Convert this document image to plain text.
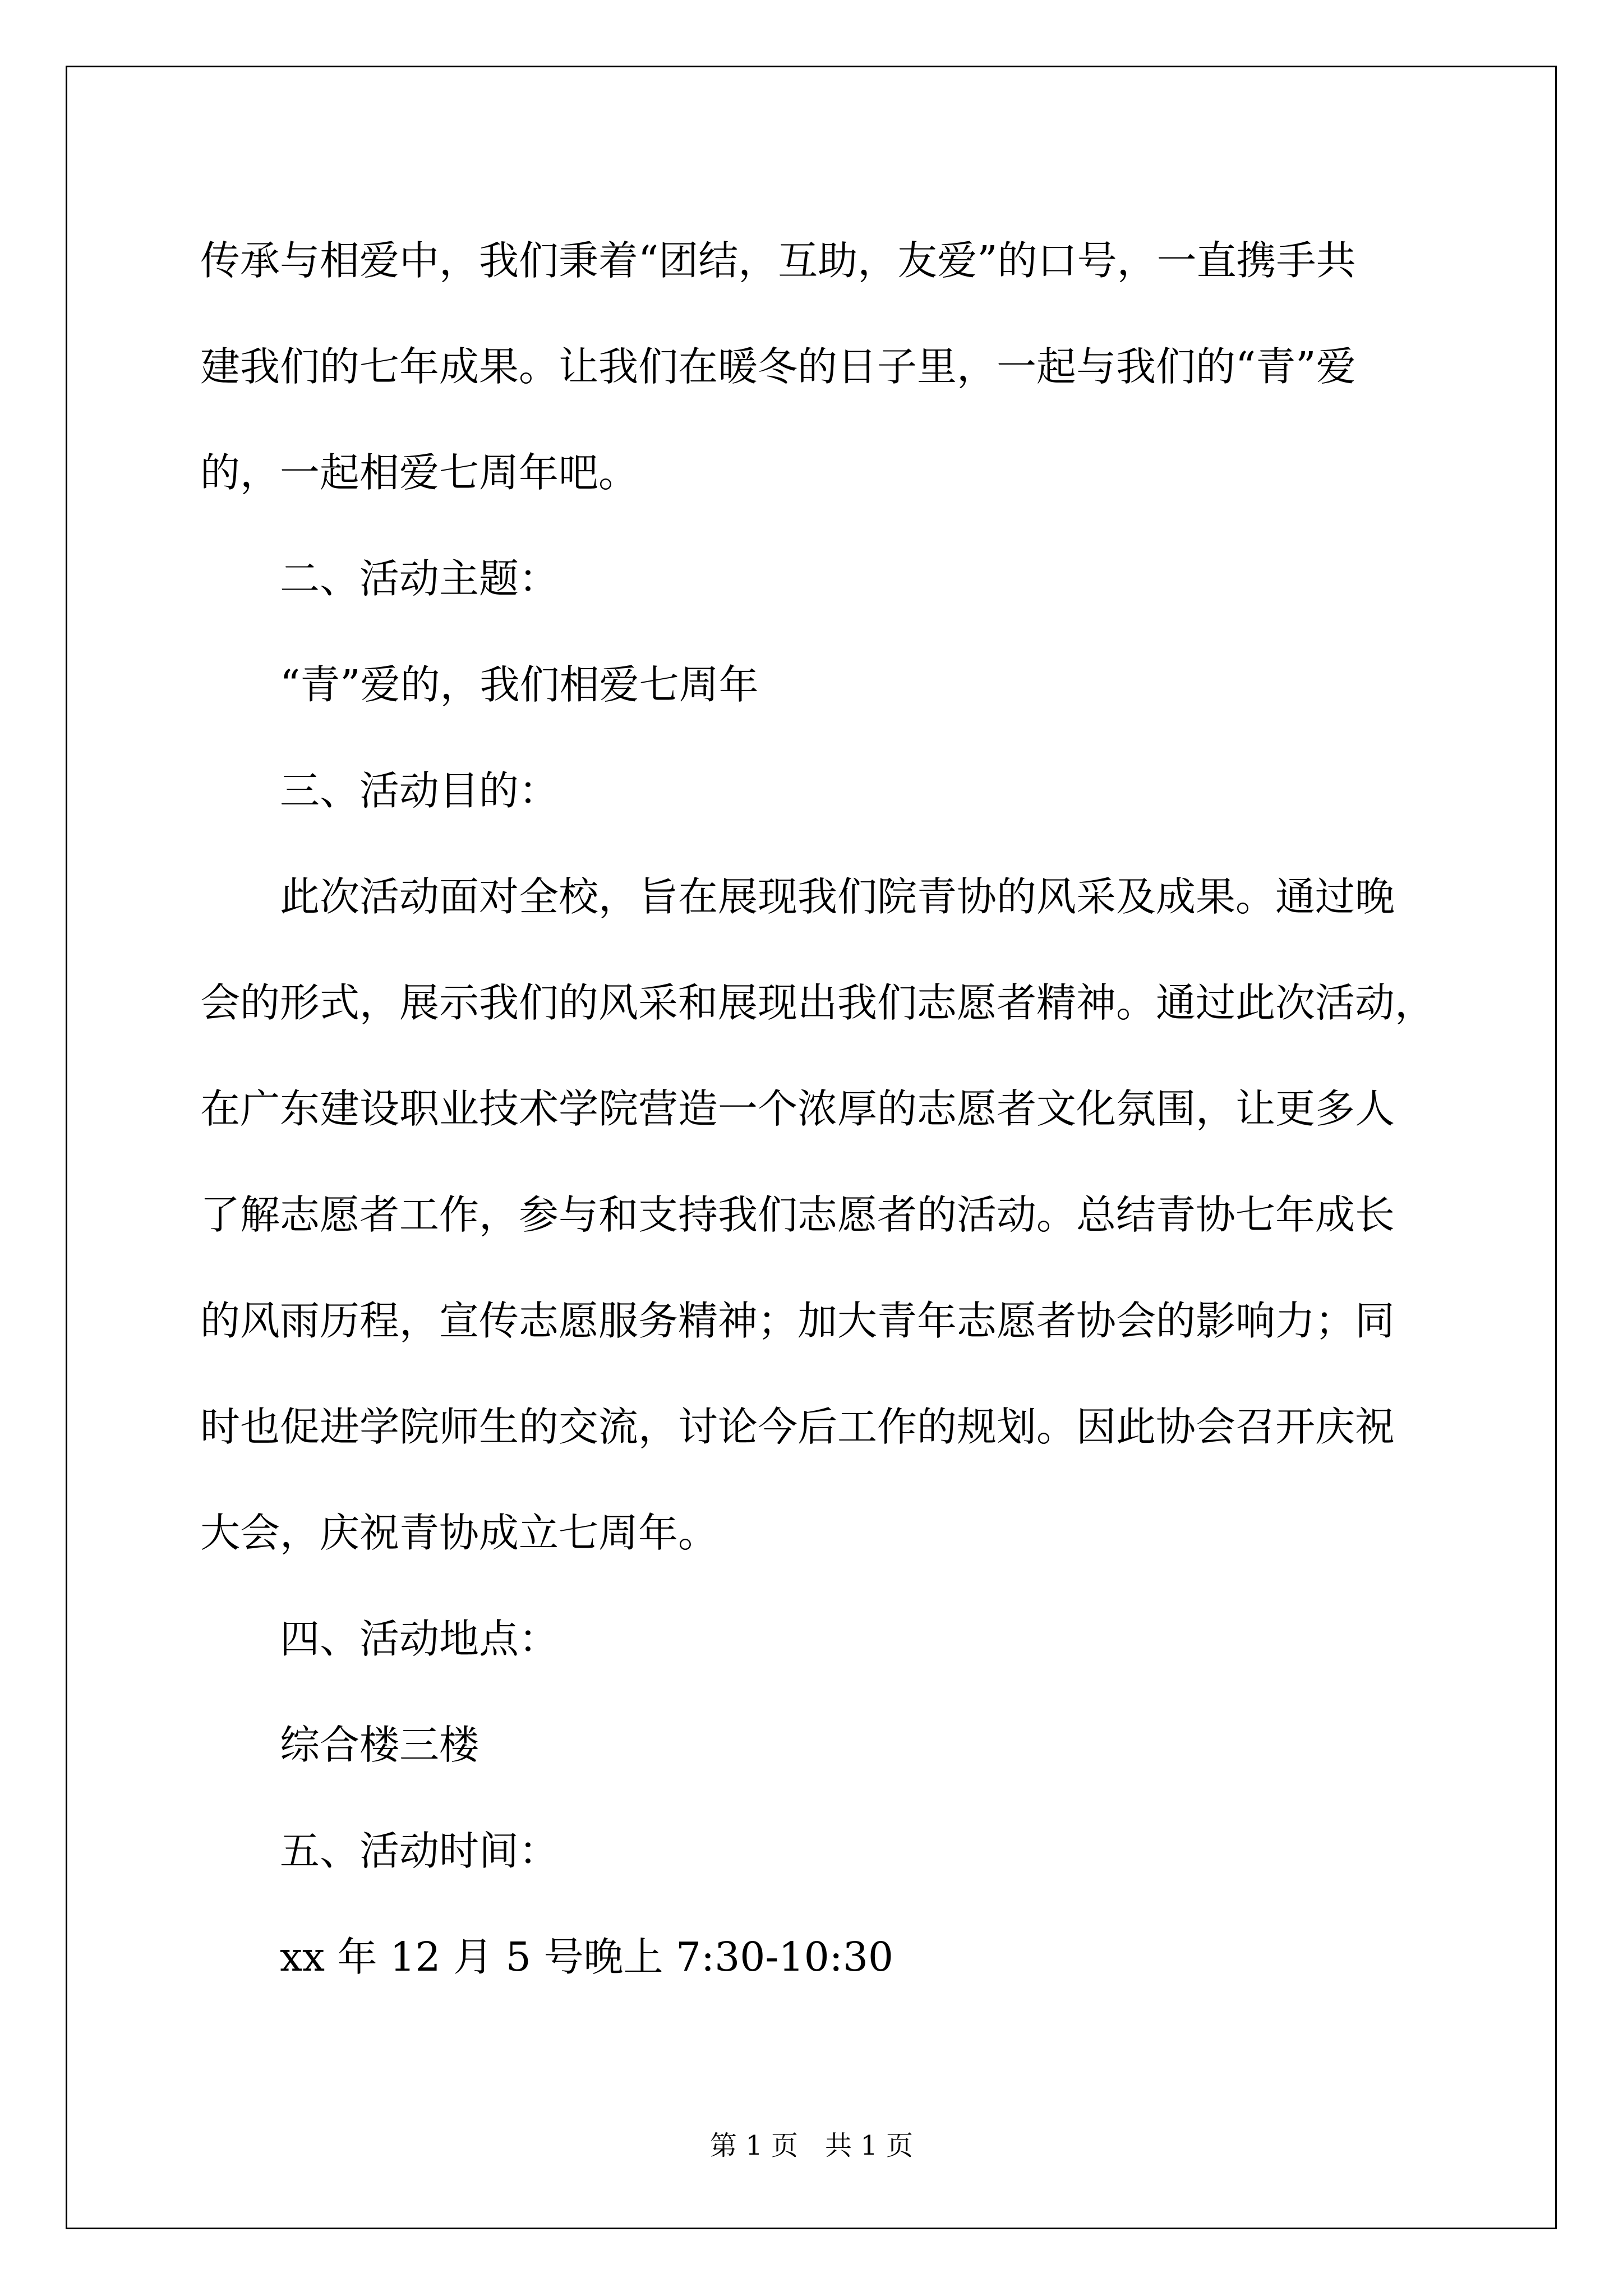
传承与相爱中，我们秉着“团结，互助，友爱”的口号，一直携手共
建我们的七年成果。让我们在暖冬的日子里，一起与我们的“青”爱
的，一起相爱七周年吧。
二、活动主题：
“青”爱的，我们相爱七周年
三、活动目的：
此次活动面对全校，旨在展现我们院青协的风采及成果。通过晚
会的形式，展示我们的风采和展现出我们志愿者精神。通过此次活动，
在广东建设职业技术学院营造一个浓厚的志愿者文化氛围，让更多人
了解志愿者工作，参与和支持我们志愿者的活动。总结青协七年成长
的风雨历程，宣传志愿服务精神；加大青年志愿者协会的影响力；同
时也促进学院师生的交流，讨论今后工作的规划。因此协会召开庆祝
大会，庆祝青协成立七周年。
四、活动地点：
综合楼三楼
五、活动时间：
xx 年 12 月 5 号晚上 7:30-10:30
第 1 页　共 1 页
